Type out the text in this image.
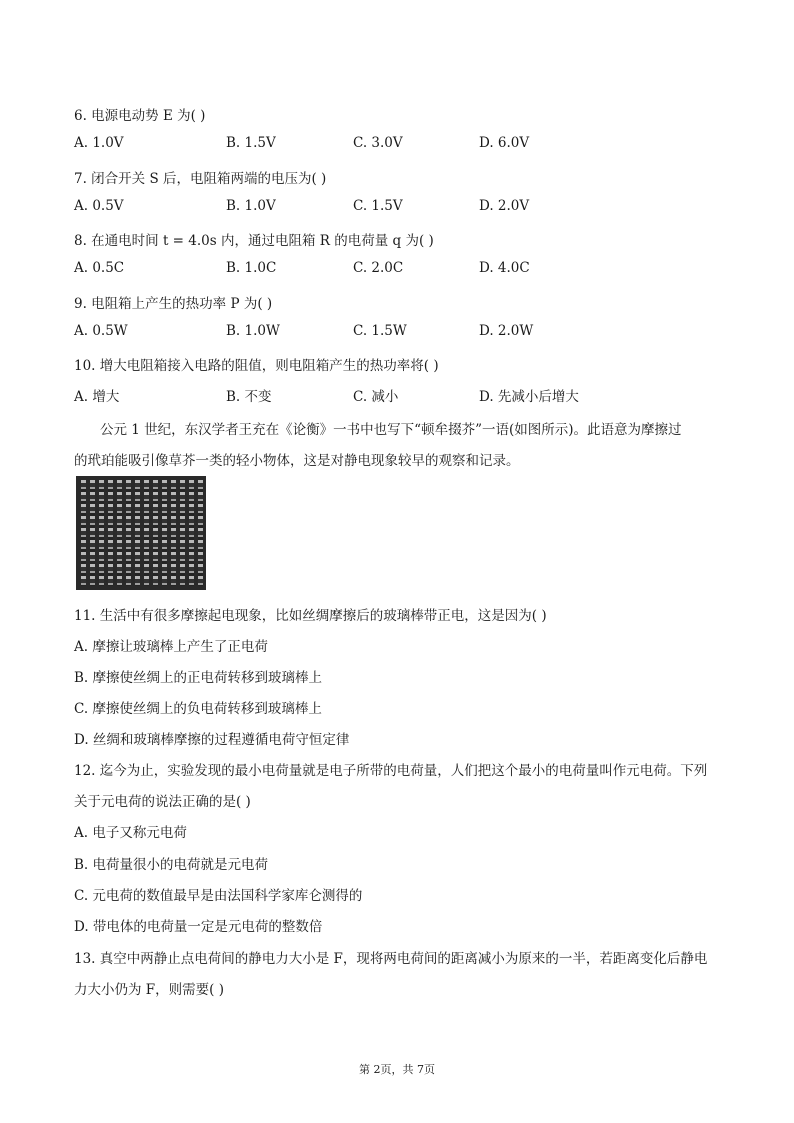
6. 电源电动势 E 为( )
A. 1.0V	B. 1.5V	C. 3.0V	D. 6.0V
7. 闭合开关 S 后，电阻箱两端的电压为( )
A. 0.5V	B. 1.0V	C. 1.5V	D. 2.0V
8. 在通电时间 t = 4.0s 内，通过电阻箱 R 的电荷量 q 为( )
A. 0.5C	B. 1.0C	C. 2.0C	D. 4.0C
9. 电阻箱上产生的热功率 P 为( )
A. 0.5W	B. 1.0W	C. 1.5W	D. 2.0W
10. 增大电阻箱接入电路的阻值，则电阻箱产生的热功率将( )
A. 增大	B. 不变	C. 减小	D. 先减小后增大
公元 1 世纪，东汉学者王充在《论衡》一书中也写下“顿牟掇芥”一语(如图所示)。此语意为摩擦过
的玳珀能吸引像草芥一类的轻小物体，这是对静电现象较早的观察和记录。
11. 生活中有很多摩擦起电现象，比如丝绸摩擦后的玻璃棒带正电，这是因为( )
A. 摩擦让玻璃棒上产生了正电荷
B. 摩擦使丝绸上的正电荷转移到玻璃棒上
C. 摩擦使丝绸上的负电荷转移到玻璃棒上
D. 丝绸和玻璃棒摩擦的过程遵循电荷守恒定律
12. 迄今为止，实验发现的最小电荷量就是电子所带的电荷量，人们把这个最小的电荷量叫作元电荷。下列
关于元电荷的说法正确的是( )
A. 电子又称元电荷
B. 电荷量很小的电荷就是元电荷
C. 元电荷的数值最早是由法国科学家库仑测得的
D. 带电体的电荷量一定是元电荷的整数倍
13. 真空中两静止点电荷间的静电力大小是 F，现将两电荷间的距离减小为原来的一半，若距离变化后静电
力大小仍为 F，则需要( )
第 2页，共 7页
